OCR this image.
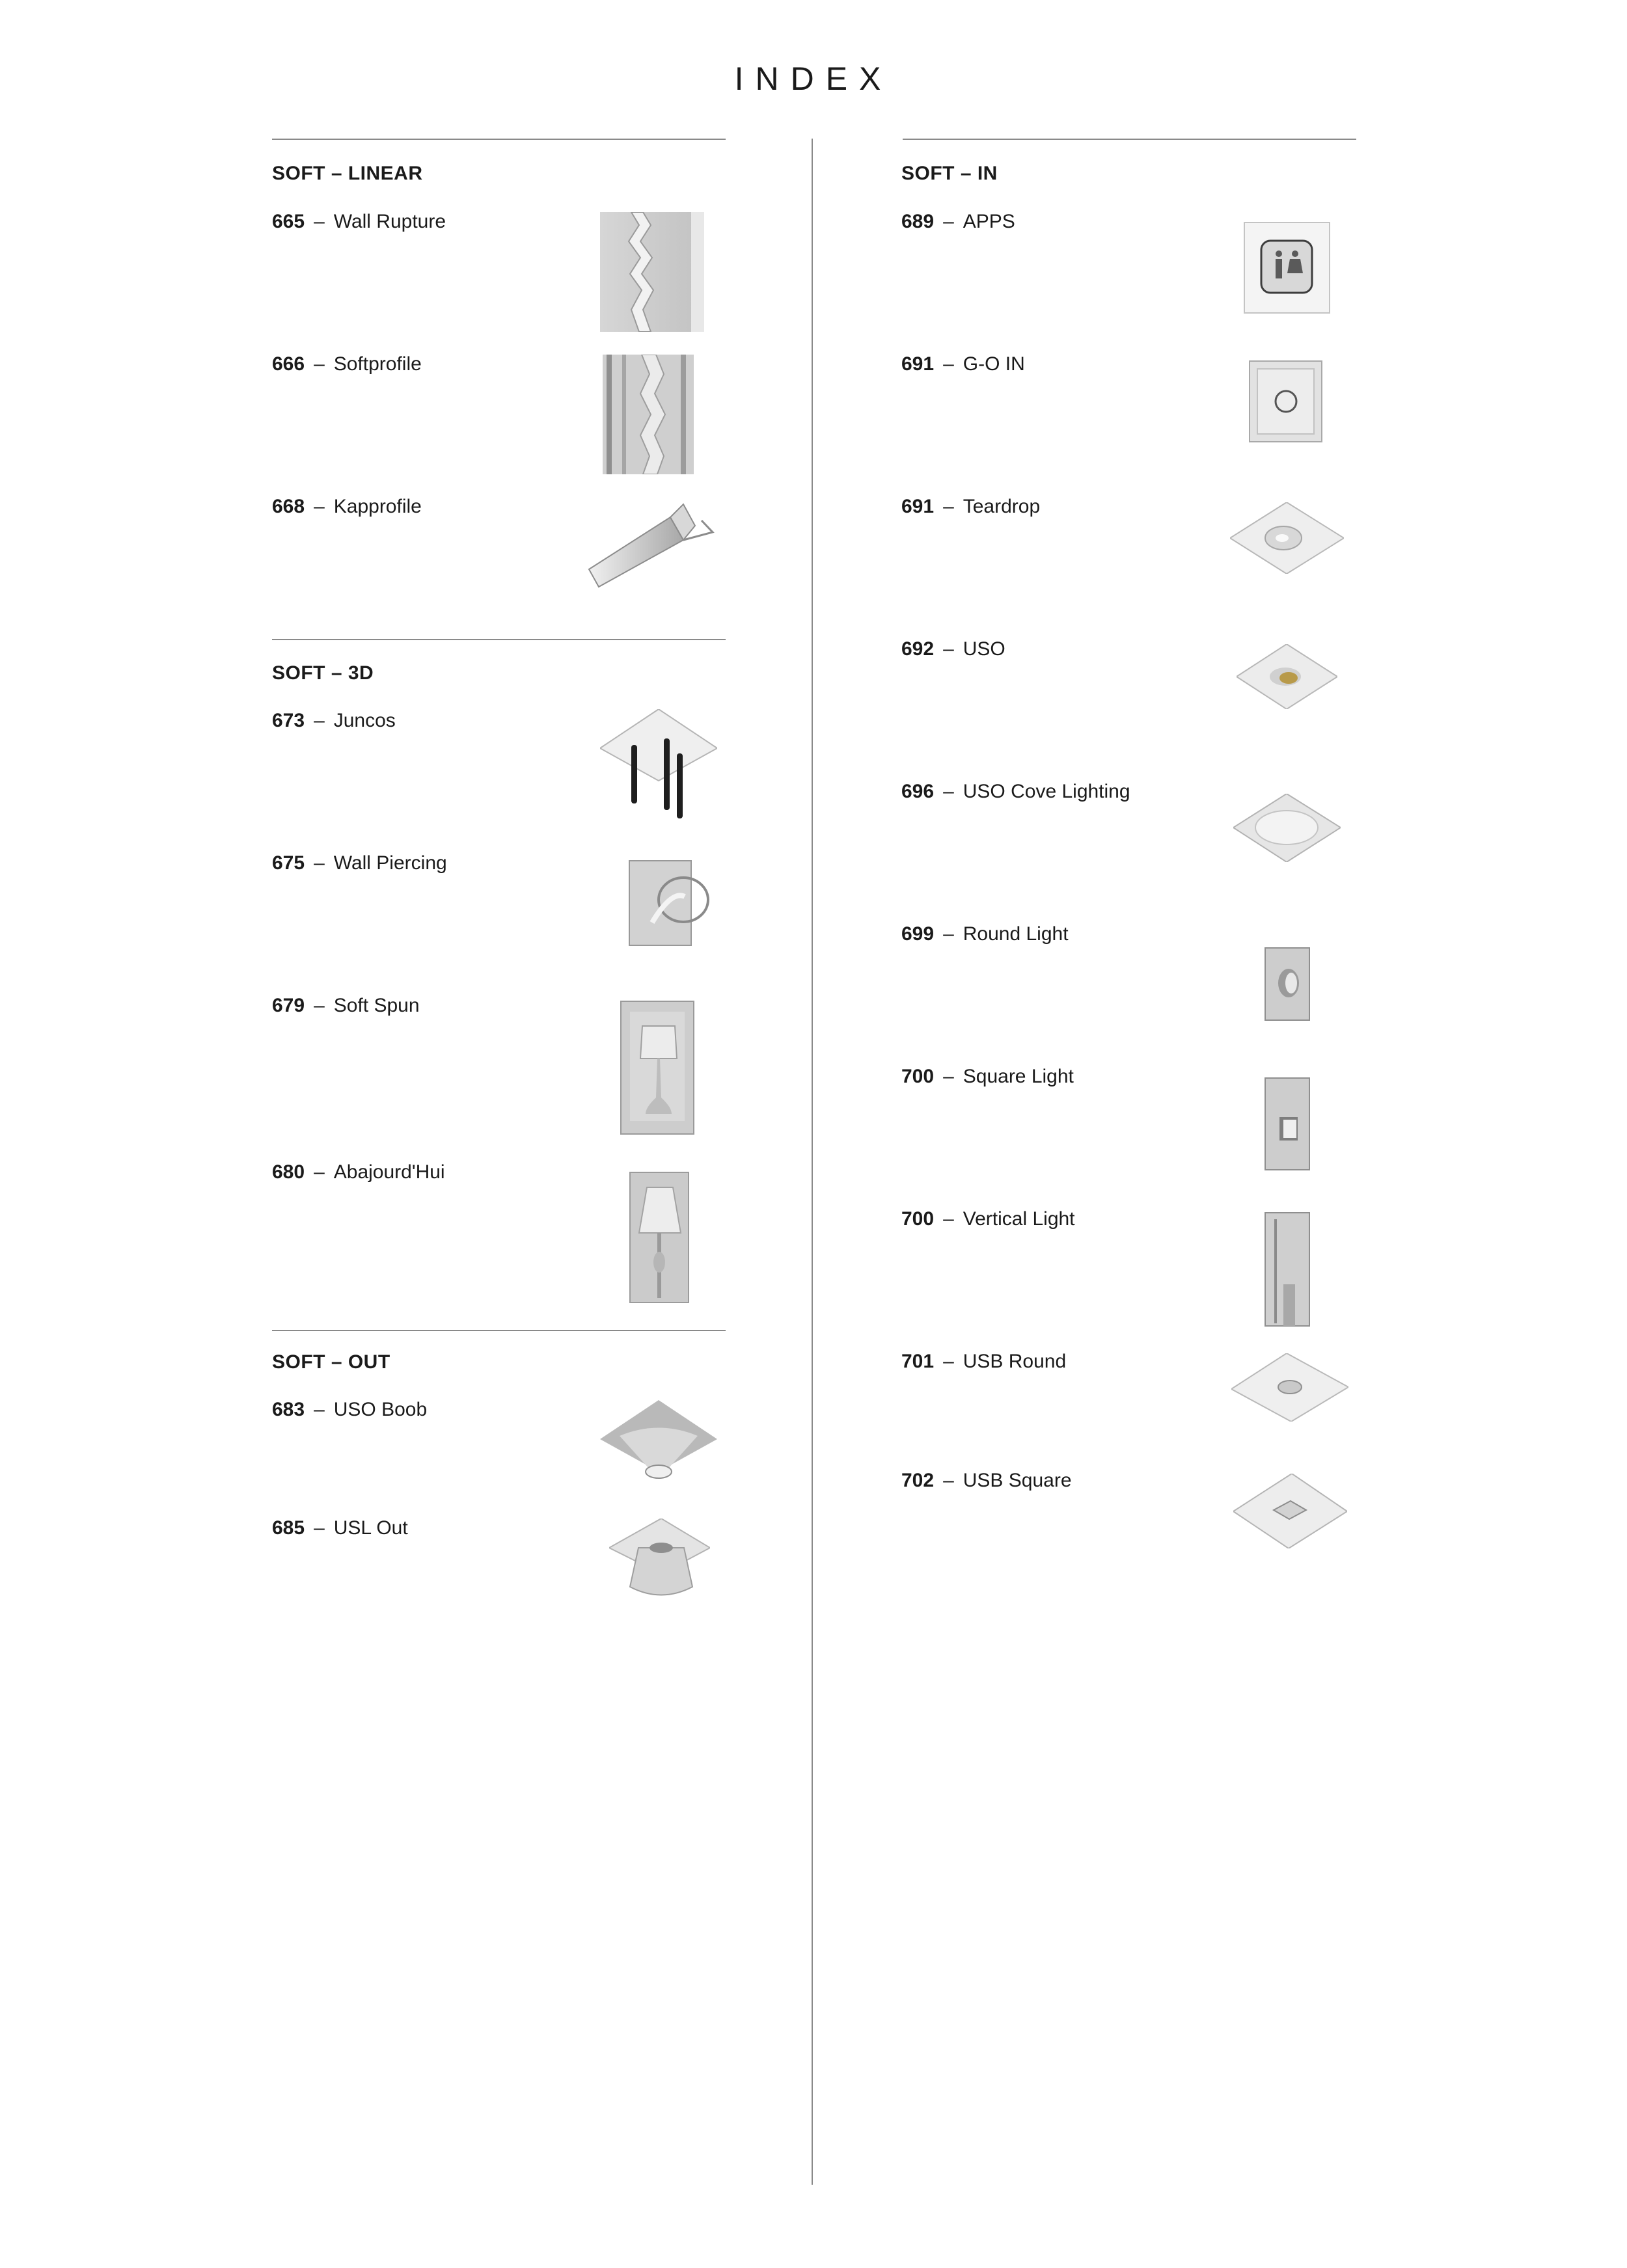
INDEX
SOFT – LINEAR
665 – Wall Rupture
666 – Softprofile
668 – Kapprofile
SOFT – 3D
673 – Juncos
675 – Wall Piercing
679 – Soft Spun
680 – Abajourd'Hui
SOFT – OUT
683 – USO Boob
685 – USL Out
SOFT – IN
689 – APPS
691 – G-O IN
691 – Teardrop
692 – USO
696 – USO Cove Lighting
699 – Round Light
700 – Square Light
700 – Vertical Light
701 – USB Round
702 – USB Square
